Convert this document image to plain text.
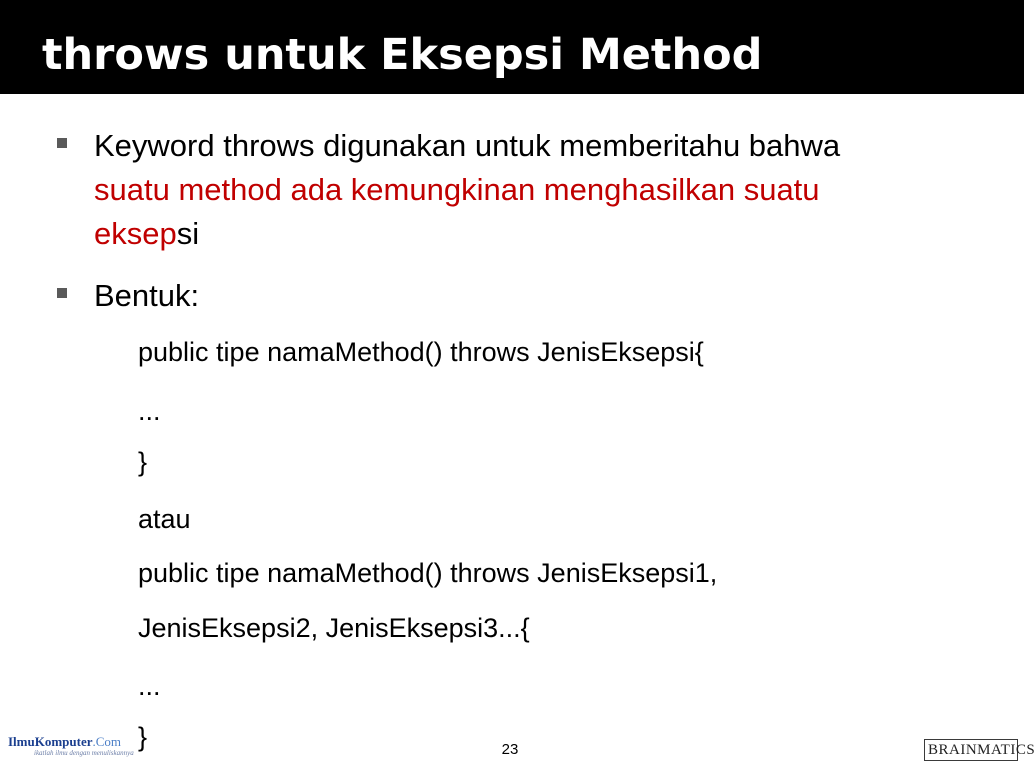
throws untuk Eksepsi Method
Keyword throws digunakan untuk memberitahu bahwa suatu method ada kemungkinan menghasilkan suatu eksepsi
Bentuk:
public tipe namaMethod() throws JenisEksepsi{
...
}
atau
public tipe namaMethod() throws JenisEksepsi1,
JenisEksepsi2, JenisEksepsi3...{
...
}
IlmuKomputer.Com
ikatlah ilmu dengan menuliskannya	23	BRAINMATICS
